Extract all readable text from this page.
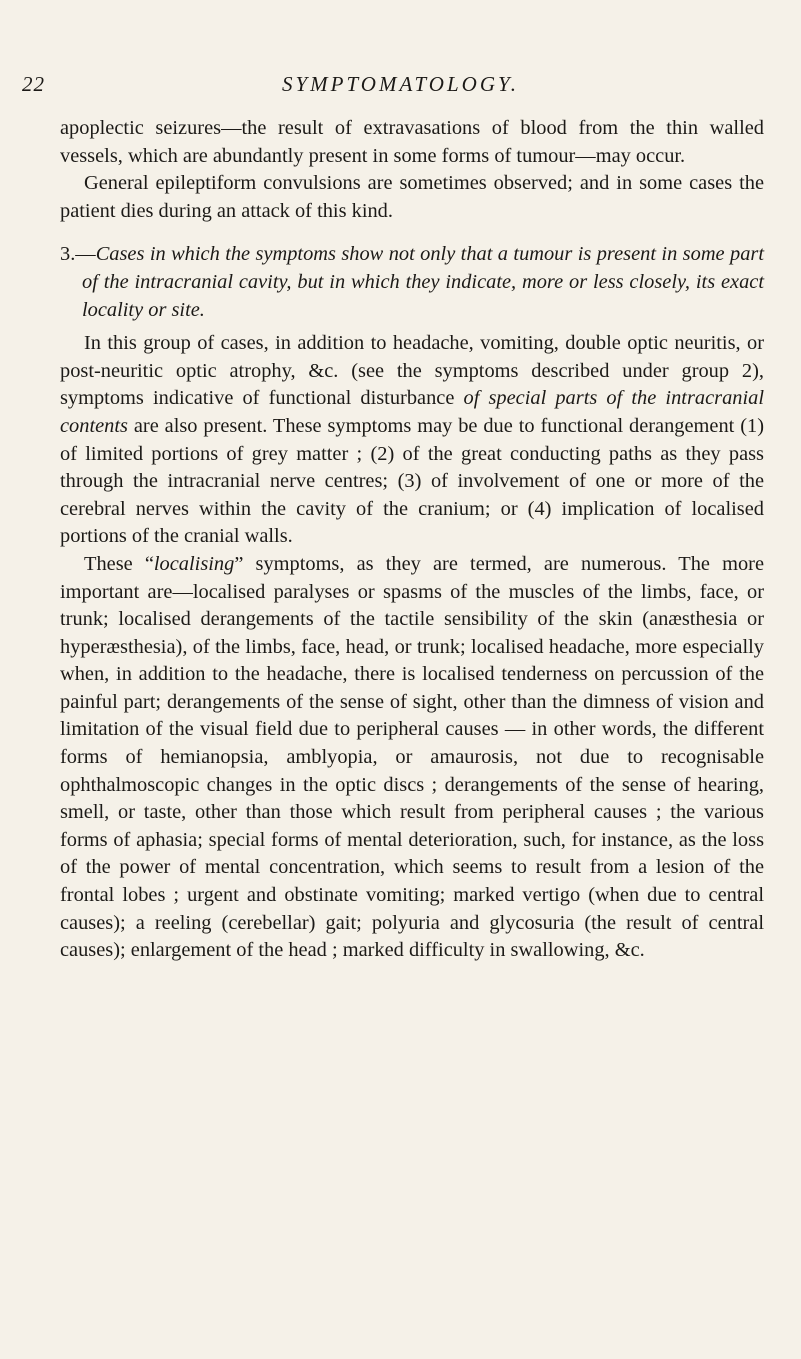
22	SYMPTOMATOLOGY.

apoplectic seizures—the result of extravasations of blood from the thin walled vessels, which are abundantly present in some forms of tumour—may occur.

General epileptiform convulsions are sometimes observed; and in some cases the patient dies during an attack of this kind.

3.—Cases in which the symptoms show not only that a tumour is present in some part of the intracranial cavity, but in which they indicate, more or less closely, its exact locality or site.

In this group of cases, in addition to headache, vomiting, double optic neuritis, or post-neuritic optic atrophy, &c. (see the symptoms described under group 2), symptoms indicative of functional disturbance of special parts of the intracranial contents are also present. These symptoms may be due to functional derangement (1) of limited portions of grey matter ; (2) of the great conducting paths as they pass through the intracranial nerve centres; (3) of involvement of one or more of the cerebral nerves within the cavity of the cranium; or (4) implication of localised portions of the cranial walls.

These “localising” symptoms, as they are termed, are numerous. The more important are—localised paralyses or spasms of the muscles of the limbs, face, or trunk; localised derangements of the tactile sensibility of the skin (anæsthesia or hyperæsthesia), of the limbs, face, head, or trunk; localised headache, more especially when, in addition to the headache, there is localised tenderness on percussion of the painful part; derangements of the sense of sight, other than the dimness of vision and limitation of the visual field due to peripheral causes — in other words, the different forms of hemianopsia, amblyopia, or amaurosis, not due to recognisable ophthalmoscopic changes in the optic discs ; derangements of the sense of hearing, smell, or taste, other than those which result from peripheral causes ; the various forms of aphasia; special forms of mental deterioration, such, for instance, as the loss of the power of mental concentration, which seems to result from a lesion of the frontal lobes ; urgent and obstinate vomiting; marked vertigo (when due to central causes); a reeling (cerebellar) gait; polyuria and glycosuria (the result of central causes); enlargement of the head ; marked difficulty in swallowing, &c.
